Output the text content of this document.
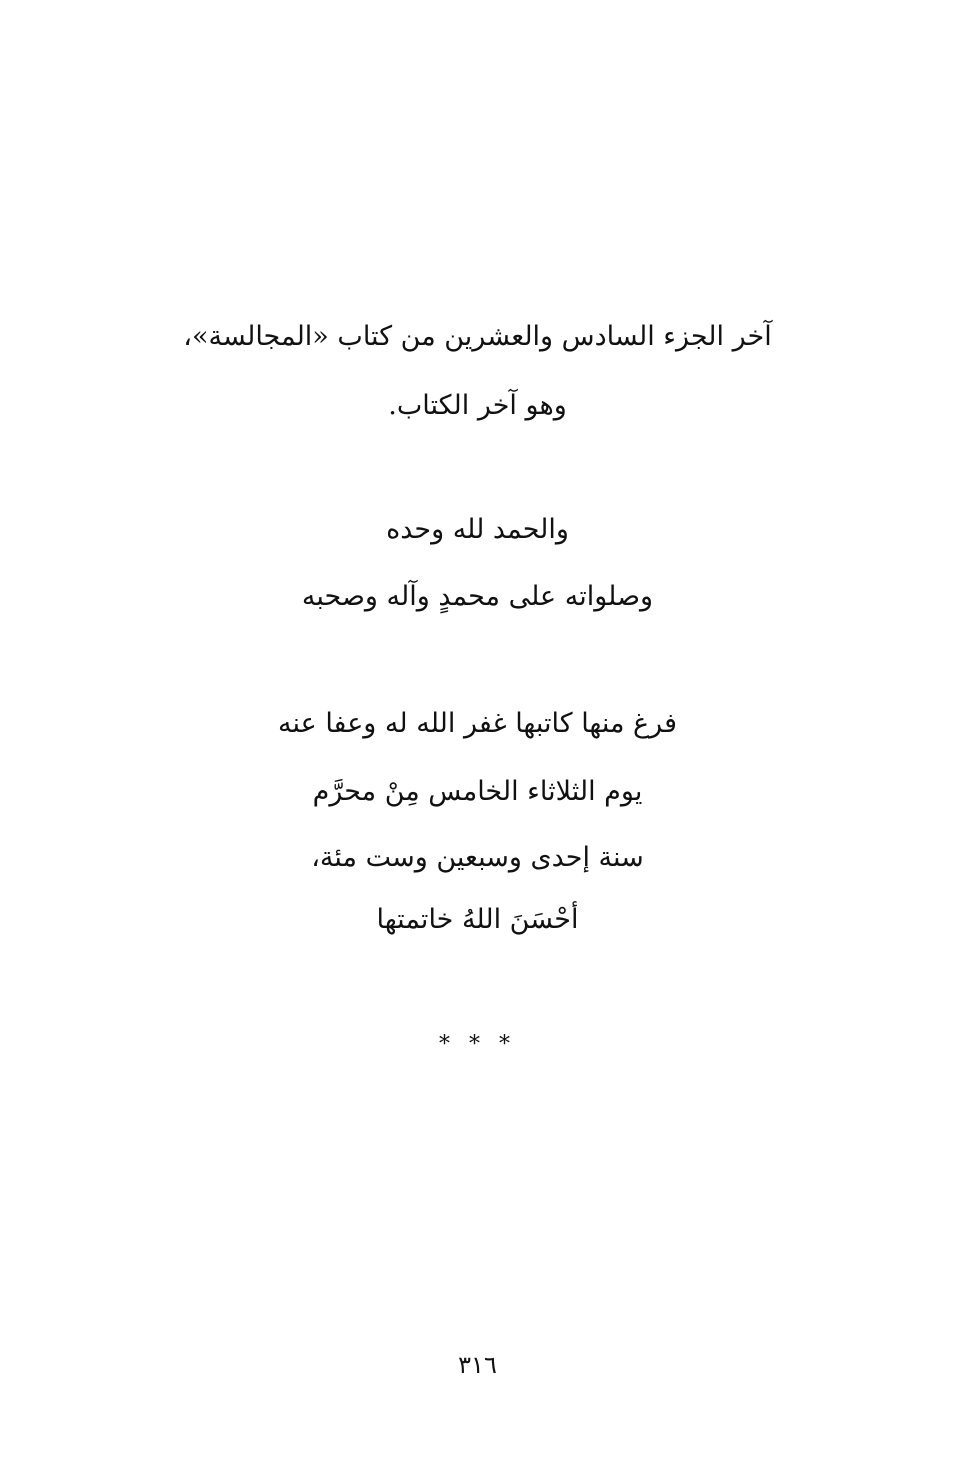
آخر الجزء السادس والعشرين من كتاب «المجالسة»،
وهو آخر الكتاب.
والحمد لله وحده
وصلواته على محمدٍ وآله وصحبه
فرغ منها كاتبها غفر الله له وعفا عنه
يوم الثلاثاء الخامس مِنْ محرَّم
سنة إحدى وسبعين وست مئة،
أحْسَنَ اللهُ خاتمتها
* * *
٣١٦
